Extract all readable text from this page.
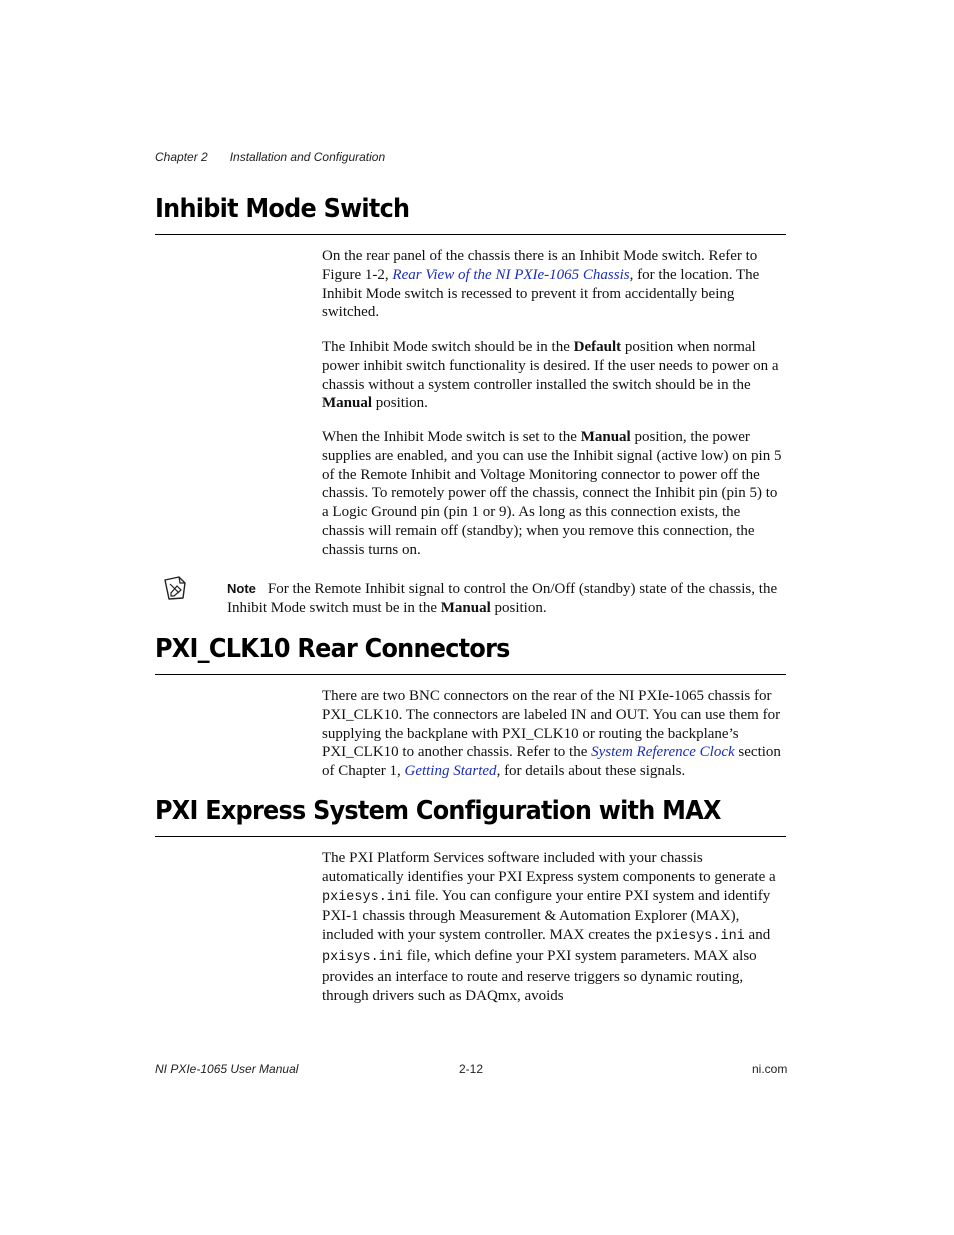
Chapter 2 Installation and Configuration
Inhibit Mode Switch

On the rear panel of the chassis there is an Inhibit Mode switch. Refer to Figure 1-2, Rear View of the NI PXIe-1065 Chassis, for the location. The Inhibit Mode switch is recessed to prevent it from accidentally being switched.

The Inhibit Mode switch should be in the Default position when normal power inhibit switch functionality is desired. If the user needs to power on a chassis without a system controller installed the switch should be in the Manual position.

When the Inhibit Mode switch is set to the Manual position, the power supplies are enabled, and you can use the Inhibit signal (active low) on pin 5 of the Remote Inhibit and Voltage Monitoring connector to power off the chassis. To remotely power off the chassis, connect the Inhibit pin (pin 5) to a Logic Ground pin (pin 1 or 9). As long as this connection exists, the chassis will remain off (standby); when you remove this connection, the chassis turns on.

Note For the Remote Inhibit signal to control the On/Off (standby) state of the chassis, the Inhibit Mode switch must be in the Manual position.

PXI_CLK10 Rear Connectors

There are two BNC connectors on the rear of the NI PXIe-1065 chassis for PXI_CLK10. The connectors are labeled IN and OUT. You can use them for supplying the backplane with PXI_CLK10 or routing the backplane’s PXI_CLK10 to another chassis. Refer to the System Reference Clock section of Chapter 1, Getting Started, for details about these signals.

PXI Express System Configuration with MAX

The PXI Platform Services software included with your chassis automatically identifies your PXI Express system components to generate a pxiesys.ini file. You can configure your entire PXI system and identify PXI-1 chassis through Measurement & Automation Explorer (MAX), included with your system controller. MAX creates the pxiesys.ini and pxisys.ini file, which define your PXI system parameters. MAX also provides an interface to route and reserve triggers so dynamic routing, through drivers such as DAQmx, avoids

NI PXIe-1065 User Manual	2-12	ni.com
